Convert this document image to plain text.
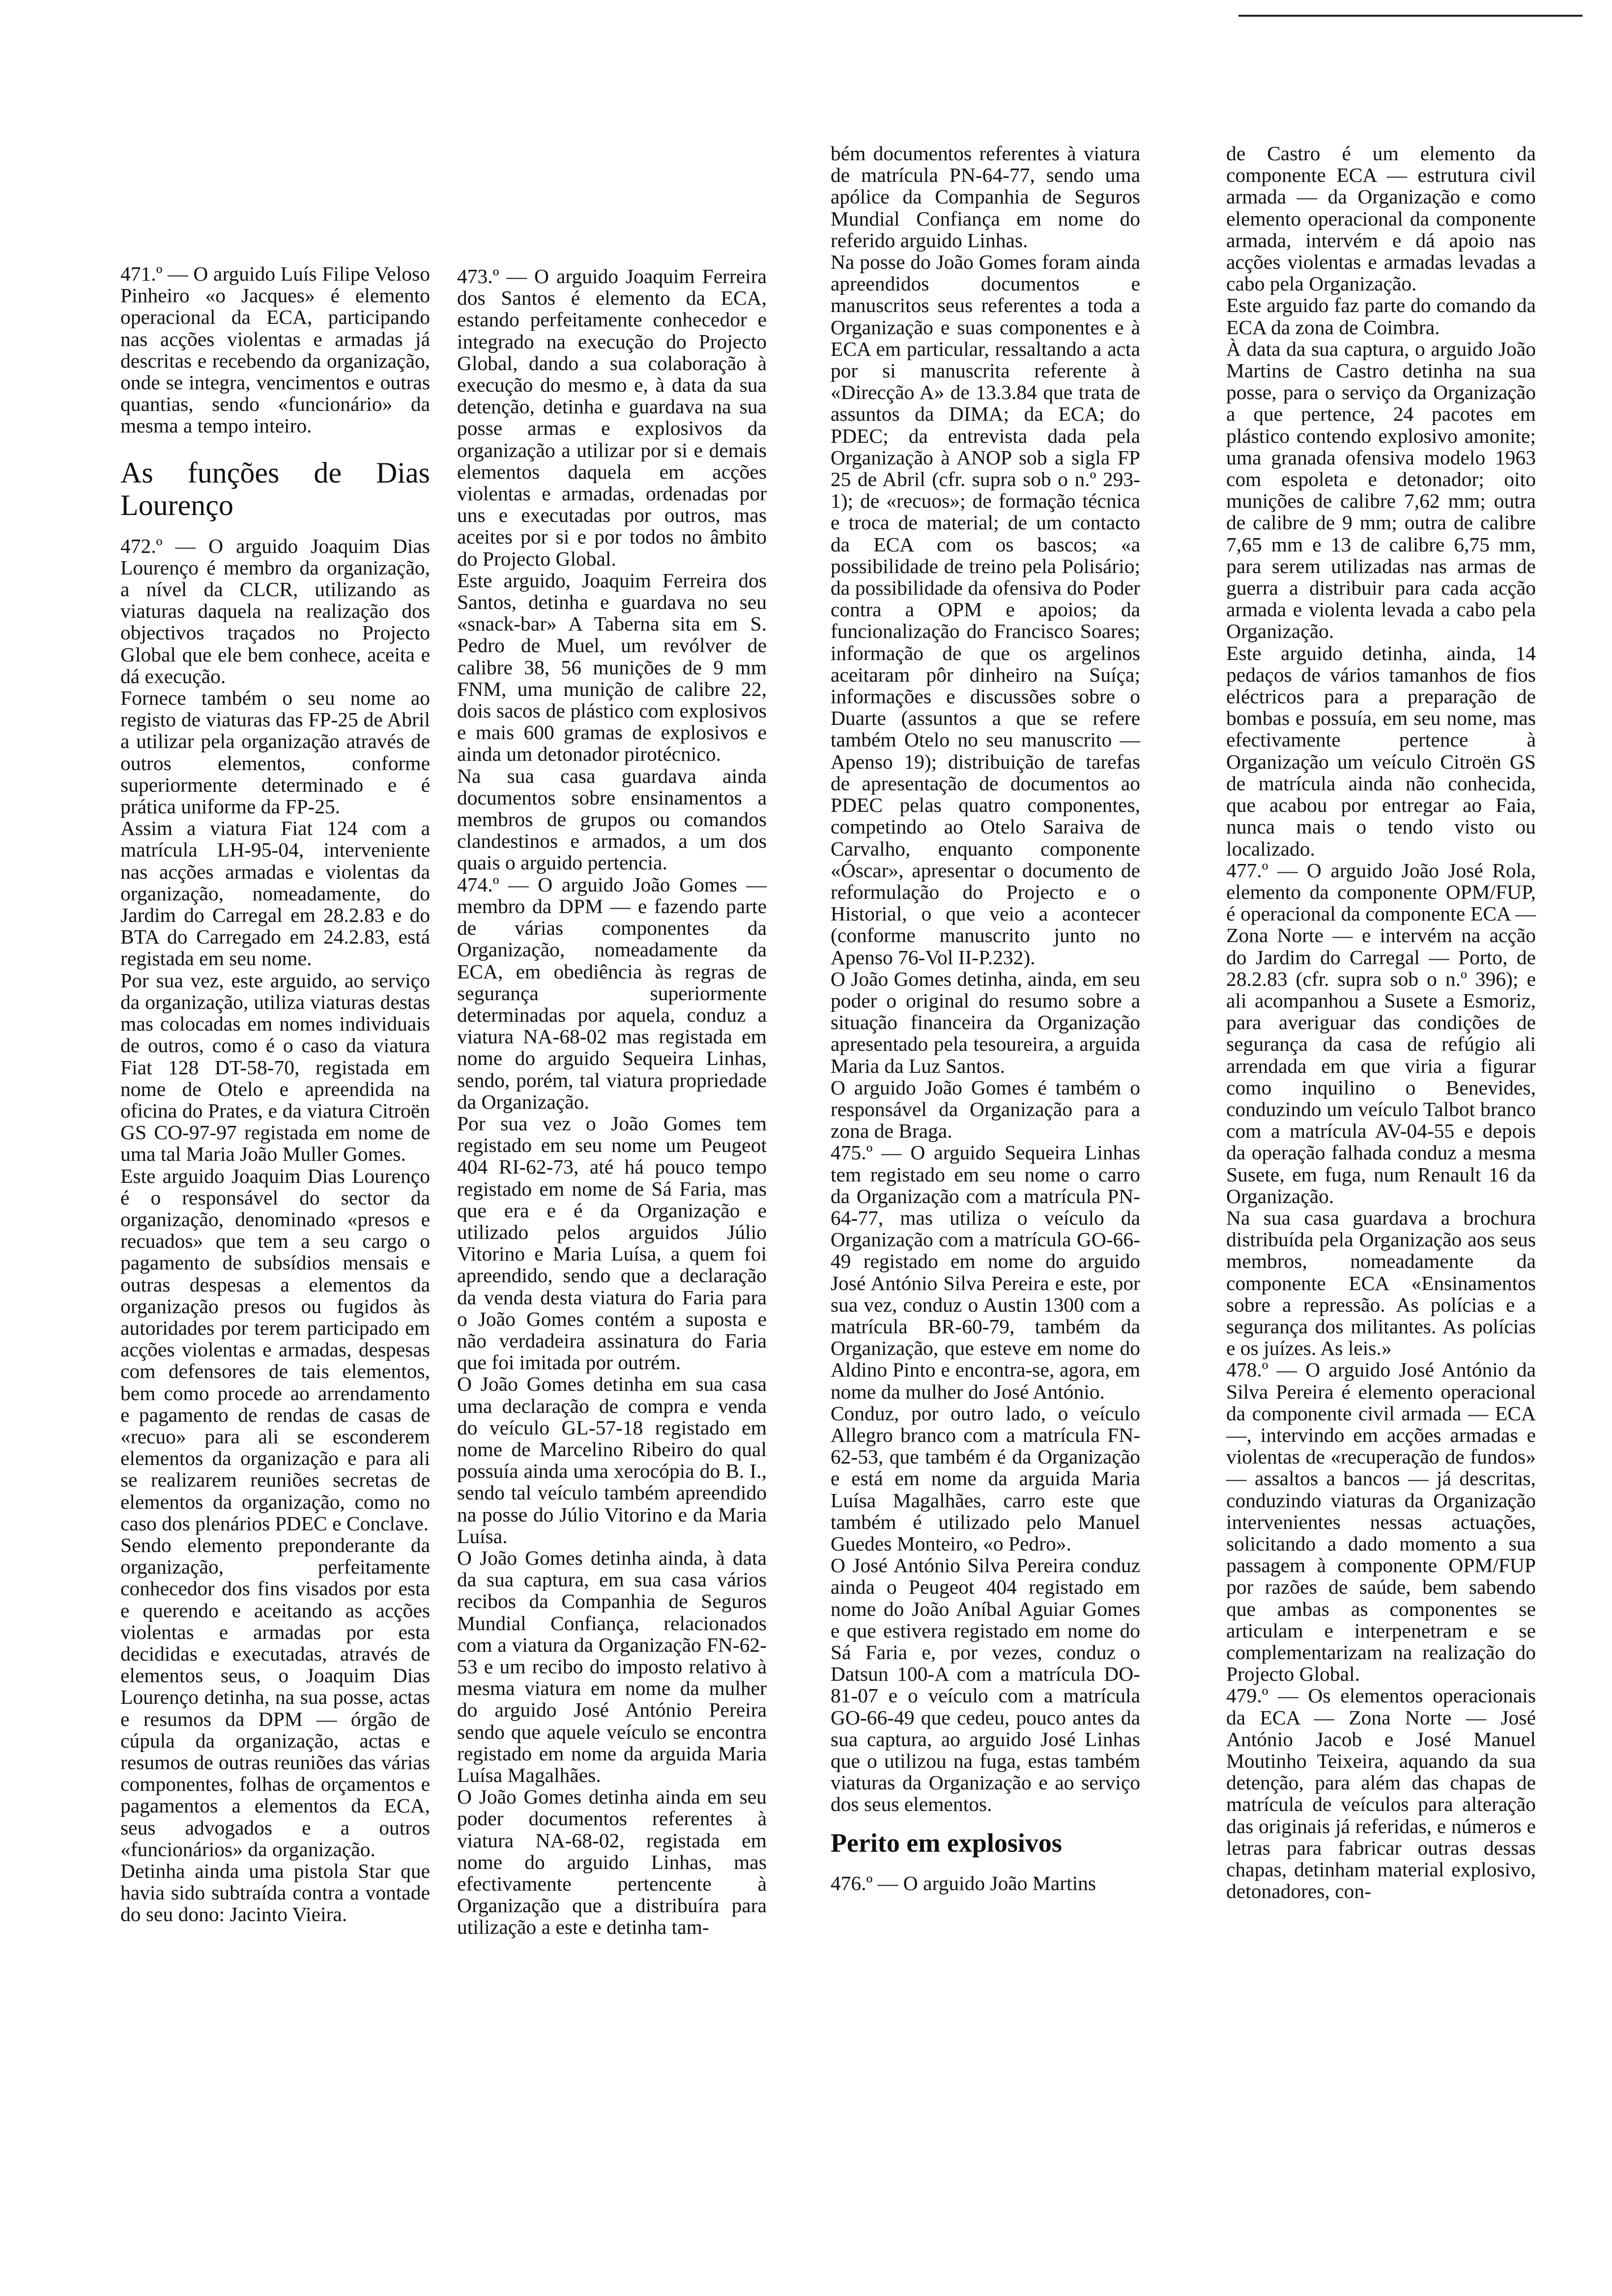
471.º — O arguido Luís Filipe Veloso Pinheiro «o Jacques» é elemento operacional da ECA, participando nas acções violentas e armadas já descritas e recebendo da organização, onde se integra, vencimentos e outras quantias, sendo «funcionário» da mesma a tempo inteiro.

As funções de Dias Lourenço

472.º — O arguido Joaquim Dias Lourenço é membro da organização, a nível da CLCR, utilizando as viaturas daquela na realização dos objectivos traçados no Projecto Global que ele bem conhece, aceita e dá execução.

Fornece também o seu nome ao registo de viaturas das FP-25 de Abril a utilizar pela organização através de outros elementos, conforme superiormente determinado e é prática uniforme da FP-25.

Assim a viatura Fiat 124 com a matrícula LH-95-04, interveniente nas acções armadas e violentas da organização, nomeadamente, do Jardim do Carregal em 28.2.83 e do BTA do Carregado em 24.2.83, está registada em seu nome.

Por sua vez, este arguido, ao serviço da organização, utiliza viaturas destas mas colocadas em nomes individuais de outros, como é o caso da viatura Fiat 128 DT-58-70, registada em nome de Otelo e apreendida na oficina do Prates, e da viatura Citroën GS CO-97-97 registada em nome de uma tal Maria João Muller Gomes.

Este arguido Joaquim Dias Lourenço é o responsável do sector da organização, denominado «presos e recuados» que tem a seu cargo o pagamento de subsídios mensais e outras despesas a elementos da organização presos ou fugidos às autoridades por terem participado em acções violentas e armadas, despesas com defensores de tais elementos, bem como procede ao arrendamento e pagamento de rendas de casas de «recuo» para ali se esconderem elementos da organização e para ali se realizarem reuniões secretas de elementos da organização, como no caso dos plenários PDEC e Conclave.

Sendo elemento preponderante da organização, perfeitamente conhecedor dos fins visados por esta e querendo e aceitando as acções violentas e armadas por esta decididas e executadas, através de elementos seus, o Joaquim Dias Lourenço detinha, na sua posse, actas e resumos da DPM — órgão de cúpula da organização, actas e resumos de outras reuniões das várias componentes, folhas de orçamentos e pagamentos a elementos da ECA, seus advogados e a outros «funcionários» da organização.

Detinha ainda uma pistola Star que havia sido subtraída contra a vontade do seu dono: Jacinto Vieira.

473.º — O arguido Joaquim Ferreira dos Santos é elemento da ECA, estando perfeitamente conhecedor e integrado na execução do Projecto Global, dando a sua colaboração à execução do mesmo e, à data da sua detenção, detinha e guardava na sua posse armas e explosivos da organização a utilizar por si e demais elementos daquela em acções violentas e armadas, ordenadas por uns e executadas por outros, mas aceites por si e por todos no âmbito do Projecto Global.

Este arguido, Joaquim Ferreira dos Santos, detinha e guardava no seu «snack-bar» A Taberna sita em S. Pedro de Muel, um revólver de calibre 38, 56 munições de 9 mm FNM, uma munição de calibre 22, dois sacos de plástico com explosivos e mais 600 gramas de explosivos e ainda um detonador pirotécnico.

Na sua casa guardava ainda documentos sobre ensinamentos a membros de grupos ou comandos clandestinos e armados, a um dos quais o arguido pertencia.

474.º — O arguido João Gomes — membro da DPM — e fazendo parte de várias componentes da Organização, nomeadamente da ECA, em obediência às regras de segurança superiormente determinadas por aquela, conduz a viatura NA-68-02 mas registada em nome do arguido Sequeira Linhas, sendo, porém, tal viatura propriedade da Organização.

Por sua vez o João Gomes tem registado em seu nome um Peugeot 404 RI-62-73, até há pouco tempo registado em nome de Sá Faria, mas que era e é da Organização e utilizado pelos arguidos Júlio Vitorino e Maria Luísa, a quem foi apreendido, sendo que a declaração da venda desta viatura do Faria para o João Gomes contém a suposta e não verdadeira assinatura do Faria que foi imitada por outrém.

O João Gomes detinha em sua casa uma declaração de compra e venda do veículo GL-57-18 registado em nome de Marcelino Ribeiro do qual possuía ainda uma xerocópia do B. I., sendo tal veículo também apreendido na posse do Júlio Vitorino e da Maria Luísa.

O João Gomes detinha ainda, à data da sua captura, em sua casa vários recibos da Companhia de Seguros Mundial Confiança, relacionados com a viatura da Organização FN-62-53 e um recibo do imposto relativo à mesma viatura em nome da mulher do arguido José António Pereira sendo que aquele veículo se encontra registado em nome da arguida Maria Luísa Magalhães.

O João Gomes detinha ainda em seu poder documentos referentes à viatura NA-68-02, registada em nome do arguido Linhas, mas efectivamente pertencente à Organização que a distribuíra para utilização a este e detinha tam-

bém documentos referentes à viatura de matrícula PN-64-77, sendo uma apólice da Companhia de Seguros Mundial Confiança em nome do referido arguido Linhas.

Na posse do João Gomes foram ainda apreendidos documentos e manuscritos seus referentes a toda a Organização e suas componentes e à ECA em particular, ressaltando a acta por si manuscrita referente à «Direcção A» de 13.3.84 que trata de assuntos da DIMA; da ECA; do PDEC; da entrevista dada pela Organização à ANOP sob a sigla FP 25 de Abril (cfr. supra sob o n.º 293-1); de «recuos»; de formação técnica e troca de material; de um contacto da ECA com os bascos; «a possibilidade de treino pela Polisário; da possibilidade da ofensiva do Poder contra a OPM e apoios; da funcionalização do Francisco Soares; informação de que os argelinos aceitaram pôr dinheiro na Suíça; informações e discussões sobre o Duarte (assuntos a que se refere também Otelo no seu manuscrito — Apenso 19); distribuição de tarefas de apresentação de documentos ao PDEC pelas quatro componentes, competindo ao Otelo Saraiva de Carvalho, enquanto componente «Óscar», apresentar o documento de reformulação do Projecto e o Historial, o que veio a acontecer (conforme manuscrito junto no Apenso 76-Vol II-P.232).

O João Gomes detinha, ainda, em seu poder o original do resumo sobre a situação financeira da Organização apresentado pela tesoureira, a arguida Maria da Luz Santos.

O arguido João Gomes é também o responsável da Organização para a zona de Braga.

475.º — O arguido Sequeira Linhas tem registado em seu nome o carro da Organização com a matrícula PN-64-77, mas utiliza o veículo da Organização com a matrícula GO-66-49 registado em nome do arguido José António Silva Pereira e este, por sua vez, conduz o Austin 1300 com a matrícula BR-60-79, também da Organização, que esteve em nome do Aldino Pinto e encontra-se, agora, em nome da mulher do José António.

Conduz, por outro lado, o veículo Allegro branco com a matrícula FN-62-53, que também é da Organização e está em nome da arguida Maria Luísa Magalhães, carro este que também é utilizado pelo Manuel Guedes Monteiro, «o Pedro».

O José António Silva Pereira conduz ainda o Peugeot 404 registado em nome do João Aníbal Aguiar Gomes e que estivera registado em nome do Sá Faria e, por vezes, conduz o Datsun 100-A com a matrícula DO-81-07 e o veículo com a matrícula GO-66-49 que cedeu, pouco antes da sua captura, ao arguido José Linhas que o utilizou na fuga, estas também viaturas da Organização e ao serviço dos seus elementos.

Perito em explosivos

476.º — O arguido João Martins

de Castro é um elemento da componente ECA — estrutura civil armada — da Organização e como elemento operacional da componente armada, intervém e dá apoio nas acções violentas e armadas levadas a cabo pela Organização.

Este arguido faz parte do comando da ECA da zona de Coimbra.

À data da sua captura, o arguido João Martins de Castro detinha na sua posse, para o serviço da Organização a que pertence, 24 pacotes em plástico contendo explosivo amonite; uma granada ofensiva modelo 1963 com espoleta e detonador; oito munições de calibre 7,62 mm; outra de calibre de 9 mm; outra de calibre 7,65 mm e 13 de calibre 6,75 mm, para serem utilizadas nas armas de guerra a distribuir para cada acção armada e violenta levada a cabo pela Organização.

Este arguido detinha, ainda, 14 pedaços de vários tamanhos de fios eléctricos para a preparação de bombas e possuía, em seu nome, mas efectivamente pertence à Organização um veículo Citroën GS de matrícula ainda não conhecida, que acabou por entregar ao Faia, nunca mais o tendo visto ou localizado.

477.º — O arguido João José Rola, elemento da componente OPM/FUP, é operacional da componente ECA — Zona Norte — e intervém na acção do Jardim do Carregal — Porto, de 28.2.83 (cfr. supra sob o n.º 396); e ali acompanhou a Susete a Esmoriz, para averiguar das condições de segurança da casa de refúgio ali arrendada em que viria a figurar como inquilino o Benevides, conduzindo um veículo Talbot branco com a matrícula AV-04-55 e depois da operação falhada conduz a mesma Susete, em fuga, num Renault 16 da Organização.

Na sua casa guardava a brochura distribuída pela Organização aos seus membros, nomeadamente da componente ECA «Ensinamentos sobre a repressão. As polícias e a segurança dos militantes. As polícias e os juízes. As leis.»

478.º — O arguido José António da Silva Pereira é elemento operacional da componente civil armada — ECA —, intervindo em acções armadas e violentas de «recuperação de fundos» — assaltos a bancos — já descritas, conduzindo viaturas da Organização intervenientes nessas actuações, solicitando a dado momento a sua passagem à componente OPM/FUP por razões de saúde, bem sabendo que ambas as componentes se articulam e interpenetram e se complementarizam na realização do Projecto Global.

479.º — Os elementos operacionais da ECA — Zona Norte — José António Jacob e José Manuel Moutinho Teixeira, aquando da sua detenção, para além das chapas de matrícula de veículos para alteração das originais já referidas, e números e letras para fabricar outras dessas chapas, detinham material explosivo, detonadores, con-
